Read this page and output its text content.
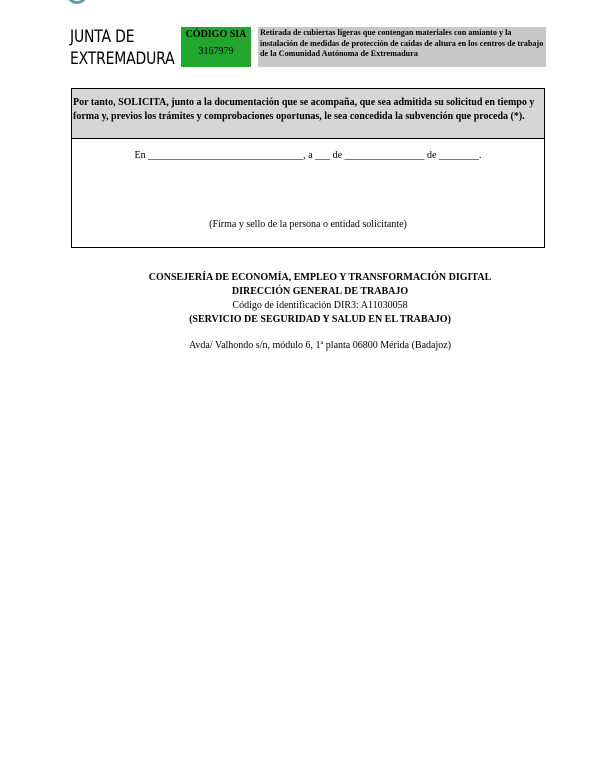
JUNTA DE
EXTREMADURA
CÓDIGO SIA
3167979
Retirada de cubiertas ligeras que contengan materiales con amianto y la instalación de medidas de protección de caídas de altura en los centros de trabajo de la Comunidad Autónoma de Extremadura
Por tanto, SOLICITA, junto a la documentación que se acompaña, que sea admitida su solicitud en tiempo y forma y, previos los trámites y comprobaciones oportunas, le sea concedida la subvención que proceda (*).
En _______________________________, a ___ de ________________ de ________.
(Firma y sello de la persona o entidad solicitante)
CONSEJERÍA DE ECONOMÍA, EMPLEO Y TRANSFORMACIÓN DIGITAL
DIRECCIÓN GENERAL DE TRABAJO
Código de identificación DIR3: A11030058
(SERVICIO DE SEGURIDAD Y SALUD EN EL TRABAJO)
Avda/ Valhondo s/n, módulo 6, 1ª planta 06800 Mérida (Badajoz)
